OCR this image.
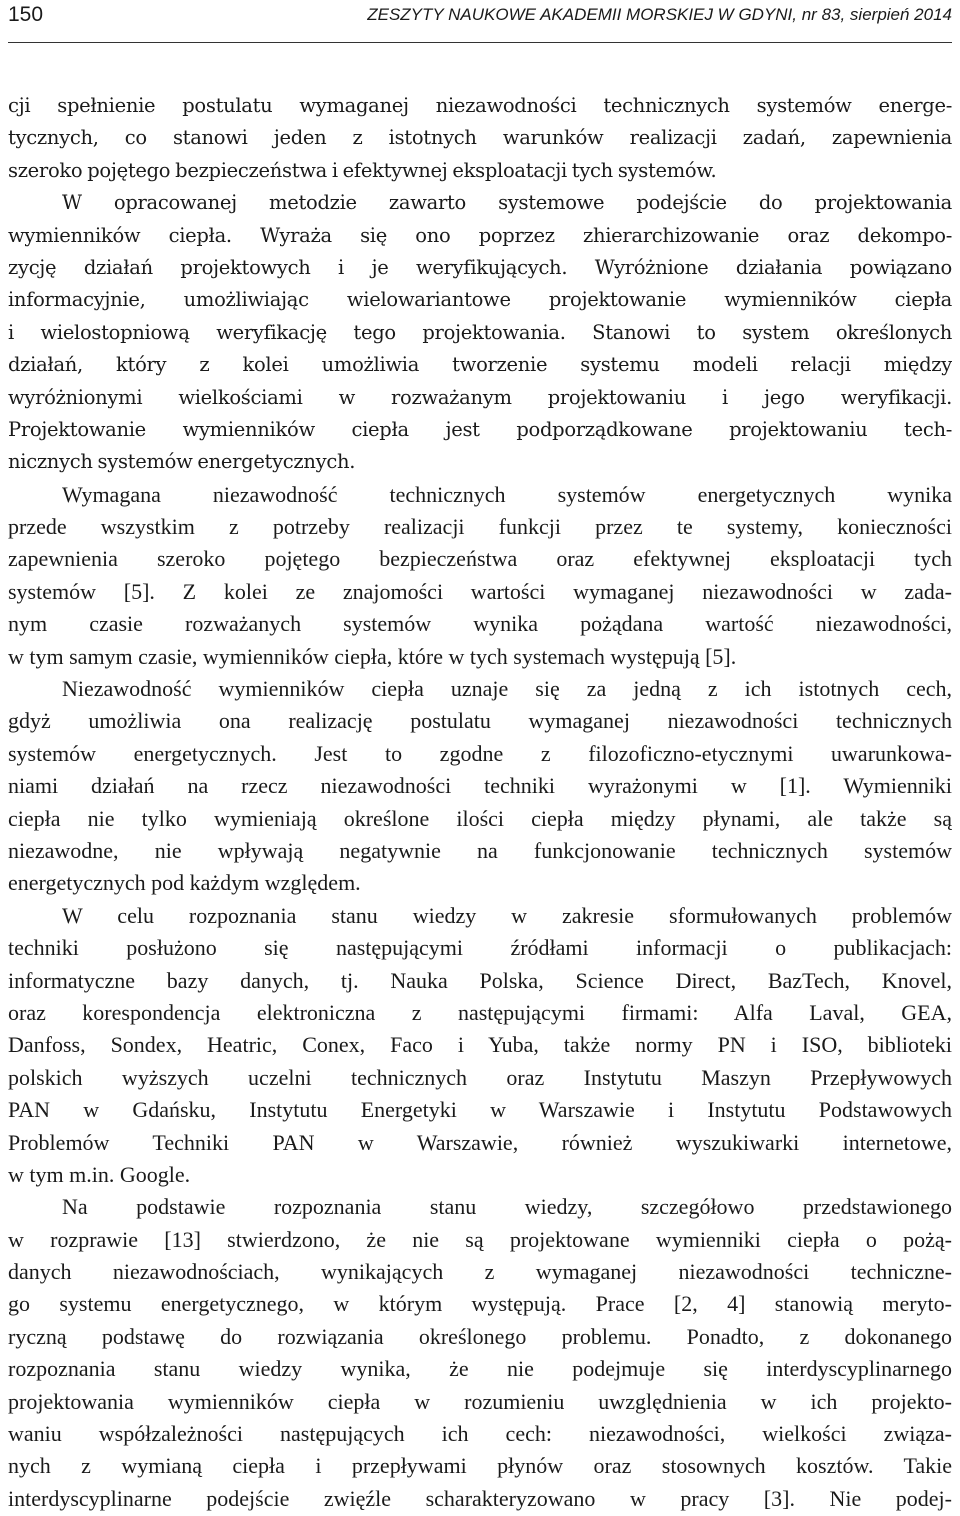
150	ZESZYTY NAUKOWE AKADEMII MORSKIEJ W GDYNI, nr 83, sierpień 2014
cji spełnienie postulatu wymaganej niezawodności technicznych systemów energe-
tycznych, co stanowi jeden z istotnych warunków realizacji zadań, zapewnienia
szeroko pojętego bezpieczeństwa i efektywnej eksploatacji tych systemów.
W opracowanej metodzie zawarto systemowe podejście do projektowania
wymienników ciepła. Wyraża się ono poprzez zhierarchizowanie oraz dekompo-
zycję działań projektowych i je weryfikujących. Wyróżnione działania powiązano
informacyjnie, umożliwiając wielowariantowe projektowanie wymienników ciepła
i wielostopniową weryfikację tego projektowania. Stanowi to system określonych
działań, który z kolei umożliwia tworzenie systemu modeli relacji między
wyróżnionymi wielkościami w rozważanym projektowaniu i jego weryfikacji.
Projektowanie wymienników ciepła jest podporządkowane projektowaniu tech-
nicznych systemów energetycznych.
Wymagana niezawodność technicznych systemów energetycznych wynika
przede wszystkim z potrzeby realizacji funkcji przez te systemy, konieczności
zapewnienia szeroko pojętego bezpieczeństwa oraz efektywnej eksploatacji tych
systemów [5]. Z kolei ze znajomości wartości wymaganej niezawodności w zada-
nym czasie rozważanych systemów wynika pożądana wartość niezawodności,
w tym samym czasie, wymienników ciepła, które w tych systemach występują [5].
Niezawodność wymienników ciepła uznaje się za jedną z ich istotnych cech,
gdyż umożliwia ona realizację postulatu wymaganej niezawodności technicznych
systemów energetycznych. Jest to zgodne z filozoficzno-etycznymi uwarunkowa-
niami działań na rzecz niezawodności techniki wyrażonymi w [1]. Wymienniki
ciepła nie tylko wymieniają określone ilości ciepła między płynami, ale także są
niezawodne, nie wpływają negatywnie na funkcjonowanie technicznych systemów
energetycznych pod każdym względem.
W celu rozpoznania stanu wiedzy w zakresie sformułowanych problemów
techniki posłużono się następującymi źródłami informacji o publikacjach:
informatyczne bazy danych, tj. Nauka Polska, Science Direct, BazTech, Knovel,
oraz korespondencja elektroniczna z następującymi firmami: Alfa Laval, GEA,
Danfoss, Sondex, Heatric, Conex, Faco i Yuba, także normy PN i ISO, biblioteki
polskich wyższych uczelni technicznych oraz Instytutu Maszyn Przepływowych
PAN w Gdańsku, Instytutu Energetyki w Warszawie i Instytutu Podstawowych
Problemów Techniki PAN w Warszawie, również wyszukiwarki internetowe,
w tym m.in. Google.
Na podstawie rozpoznania stanu wiedzy, szczegółowo przedstawionego
w rozprawie [13] stwierdzono, że nie są projektowane wymienniki ciepła o pożą-
danych niezawodnościach, wynikających z wymaganej niezawodności techniczne-
go systemu energetycznego, w którym występują. Prace [2, 4] stanowią meryto-
ryczną podstawę do rozwiązania określonego problemu. Ponadto, z dokonanego
rozpoznania stanu wiedzy wynika, że nie podejmuje się interdyscyplinarnego
projektowania wymienników ciepła w rozumieniu uwzględnienia w ich projekto-
waniu współzależności następujących ich cech: niezawodności, wielkości związa-
nych z wymianą ciepła i przepływami płynów oraz stosownych kosztów. Takie
interdyscyplinarne podejście zwięźle scharakteryzowano w pracy [3]. Nie podej-
